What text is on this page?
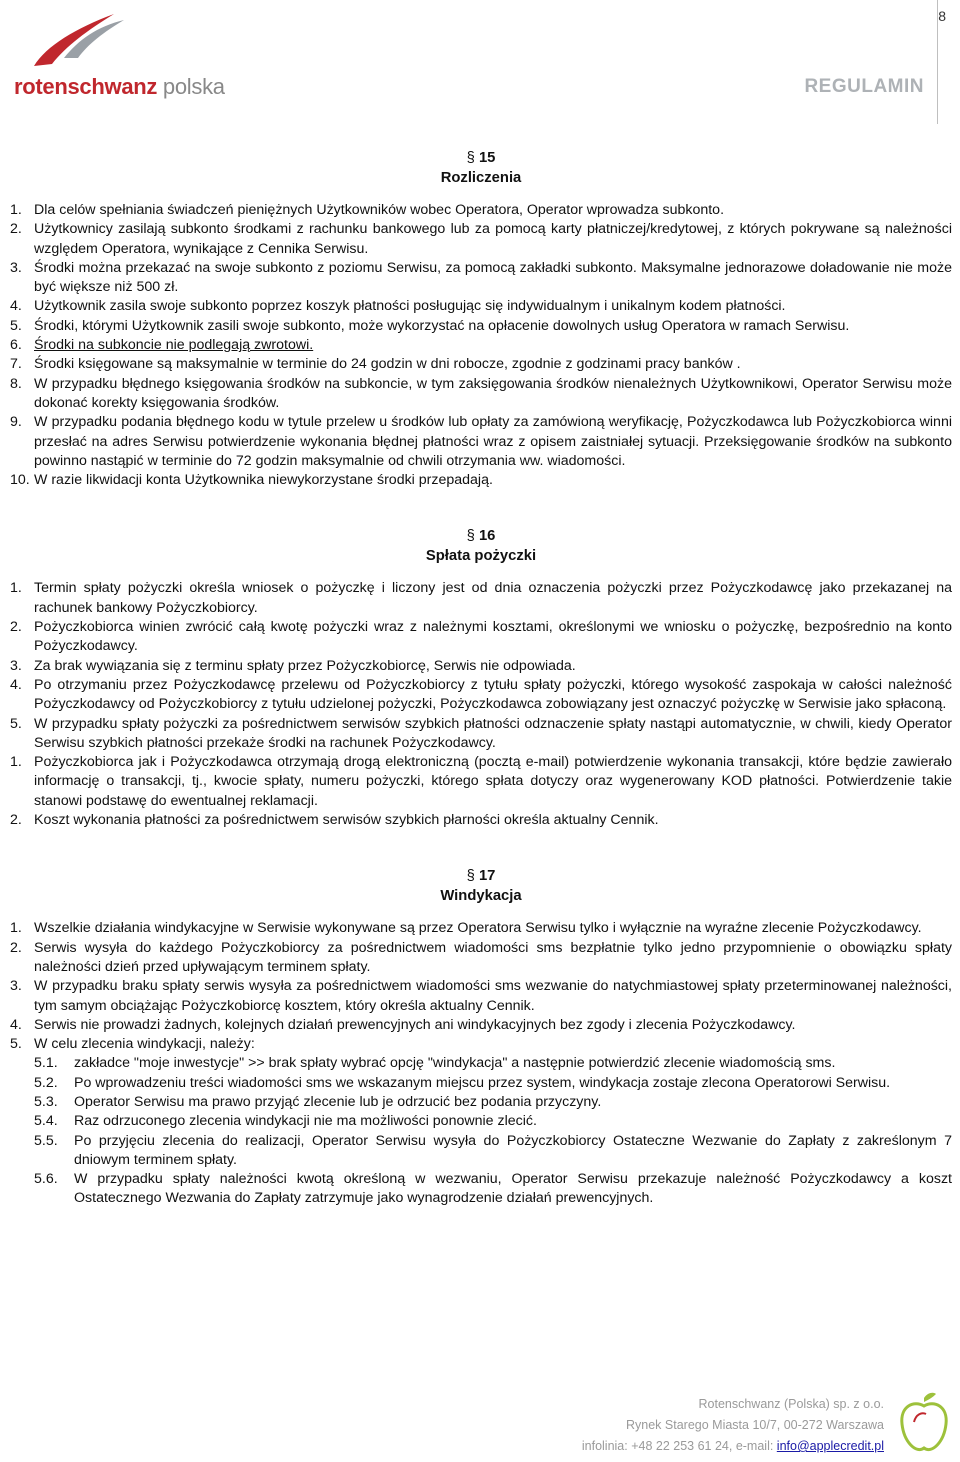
8
rotenschwanz polska	REGULAMIN
§ 15
Rozliczenia
1. Dla celów spełniania świadczeń pieniężnych Użytkowników wobec Operatora, Operator wprowadza subkonto.
2. Użytkownicy zasilają subkonto środkami z rachunku bankowego lub za pomocą karty płatniczej/kredytowej, z których pokrywane są należności względem Operatora, wynikające z Cennika Serwisu.
3. Środki można przekazać na swoje subkonto z poziomu Serwisu, za pomocą zakładki subkonto. Maksymalne jednorazowe doładowanie nie może być większe niż 500 zł.
4. Użytkownik zasila swoje subkonto poprzez koszyk płatności posługując się indywidualnym i unikalnym kodem płatności.
5. Środki, którymi Użytkownik zasili swoje subkonto, może wykorzystać na opłacenie dowolnych usług Operatora w ramach Serwisu.
6. Środki na subkoncie nie podlegają zwrotowi.
7. Środki księgowane są maksymalnie w terminie do 24 godzin w dni robocze, zgodnie z godzinami pracy banków .
8. W przypadku błędnego księgowania środków na subkoncie, w tym zaksięgowania środków nienależnych Użytkownikowi, Operator Serwisu może dokonać korekty księgowania środków.
9. W przypadku podania błędnego kodu w tytule przelew u środków lub opłaty za zamówioną weryfikację, Pożyczkodawca lub Pożyczkobiorca winni przesłać na adres Serwisu potwierdzenie wykonania błędnej płatności wraz z opisem zaistniałej sytuacji. Przeksięgowanie środków na subkonto powinno nastąpić w terminie do 72 godzin maksymalnie od chwili otrzymania ww. wiadomości.
10. W razie likwidacji konta Użytkownika niewykorzystane środki przepadają.
§ 16
Spłata pożyczki
1. Termin spłaty pożyczki określa wniosek o pożyczkę i liczony jest od dnia oznaczenia pożyczki przez Pożyczkodawcę jako przekazanej na rachunek bankowy Pożyczkobiorcy.
2. Pożyczkobiorca winien zwrócić całą kwotę pożyczki wraz z należnymi kosztami, określonymi we wniosku o pożyczkę, bezpośrednio na konto Pożyczkodawcy.
3. Za brak wywiązania się z terminu spłaty przez Pożyczkobiorcę, Serwis nie odpowiada.
4. Po otrzymaniu przez Pożyczkodawcę przelewu od Pożyczkobiorcy z tytułu spłaty pożyczki, którego wysokość zaspokaja w całości należność Pożyczkodawcy od Pożyczkobiorcy z tytułu udzielonej pożyczki, Pożyczkodawca zobowiązany jest oznaczyć pożyczkę w Serwisie jako spłaconą.
5. W przypadku spłaty pożyczki za pośrednictwem serwisów szybkich płatności odznaczenie spłaty nastąpi automatycznie, w chwili, kiedy Operator Serwisu szybkich płatności przekaże środki na rachunek Pożyczkodawcy.
1. Pożyczkobiorca jak i Pożyczkodawca otrzymają drogą elektroniczną (pocztą e-mail) potwierdzenie wykonania transakcji, które będzie zawierało informację o transakcji, tj., kwocie spłaty, numeru pożyczki, którego spłata dotyczy oraz wygenerowany KOD płatności. Potwierdzenie takie stanowi podstawę do ewentualnej reklamacji.
2. Koszt wykonania płatności za pośrednictwem serwisów szybkich płarności określa aktualny Cennik.
§ 17
Windykacja
1. Wszelkie działania windykacyjne w Serwisie wykonywane są przez Operatora Serwisu tylko i wyłącznie na wyraźne zlecenie Pożyczkodawcy.
2. Serwis wysyła do każdego Pożyczkobiorcy za pośrednictwem wiadomości sms bezpłatnie tylko jedno przypomnienie o obowiązku spłaty należności dzień przed upływającym terminem spłaty.
3. W przypadku braku spłaty serwis wysyła za pośrednictwem wiadomości sms wezwanie do natychmiastowej spłaty przeterminowanej należności, tym samym obciążając Pożyczkobiorcę kosztem, który określa aktualny Cennik.
4. Serwis nie prowadzi żadnych, kolejnych działań prewencyjnych ani windykacyjnych bez zgody i zlecenia Pożyczkodawcy.
5. W celu zlecenia windykacji, należy:
5.1. zakładce "moje inwestycje" >> brak spłaty wybrać opcję "windykacja" a następnie potwierdzić zlecenie wiadomością sms.
5.2. Po wprowadzeniu treści wiadomości sms we wskazanym miejscu przez system, windykacja zostaje zlecona Operatorowi Serwisu.
5.3. Operator Serwisu ma prawo przyjąć zlecenie lub je odrzucić bez podania przyczyny.
5.4. Raz odrzuconego zlecenia windykacji nie ma możliwości ponownie zlecić.
5.5. Po przyjęciu zlecenia do realizacji, Operator Serwisu wysyła do Pożyczkobiorcy Ostateczne Wezwanie do Zapłaty z zakreślonym 7 dniowym terminem spłaty.
5.6. W przypadku spłaty należności kwotą określoną w wezwaniu, Operator Serwisu przekazuje należność Pożyczkodawcy a koszt Ostatecznego Wezwania do Zapłaty zatrzymuje jako wynagrodzenie działań prewencyjnych.
Rotenschwanz (Polska) sp. z o.o.
Rynek Starego Miasta 10/7, 00-272 Warszawa
infolinia: +48 22 253 61 24, e-mail: info@applecredit.pl
